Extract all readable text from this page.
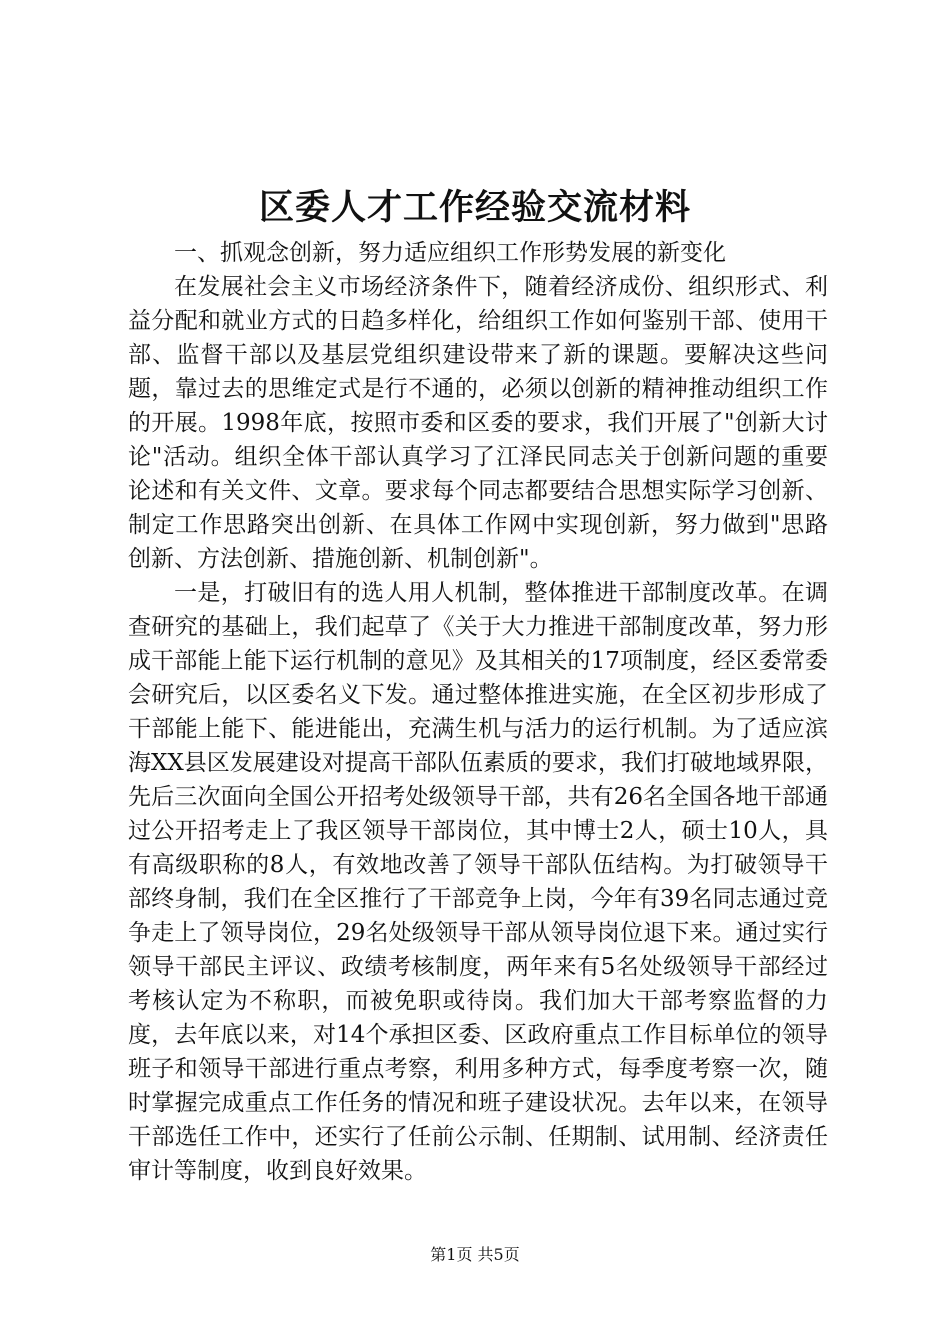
区委人才工作经验交流材料

一、抓观念创新，努力适应组织工作形势发展的新变化

在发展社会主义市场经济条件下，随着经济成份、组织形式、利益分配和就业方式的日趋多样化，给组织工作如何鉴别干部、使用干部、监督干部以及基层党组织建设带来了新的课题。要解决这些问题，靠过去的思维定式是行不通的，必须以创新的精神推动组织工作的开展。1998年底，按照市委和区委的要求，我们开展了"创新大讨论"活动。组织全体干部认真学习了江泽民同志关于创新问题的重要论述和有关文件、文章。要求每个同志都要结合思想实际学习创新、制定工作思路突出创新、在具体工作网中实现创新，努力做到"思路创新、方法创新、措施创新、机制创新"。

一是，打破旧有的选人用人机制，整体推进干部制度改革。在调查研究的基础上，我们起草了《关于大力推进干部制度改革，努力形成干部能上能下运行机制的意见》及其相关的17项制度，经区委常委会研究后，以区委名义下发。通过整体推进实施，在全区初步形成了干部能上能下、能进能出，充满生机与活力的运行机制。为了适应滨海XX县区发展建设对提高干部队伍素质的要求，我们打破地域界限，先后三次面向全国公开招考处级领导干部，共有26名全国各地干部通过公开招考走上了我区领导干部岗位，其中博士2人，硕士10人，具有高级职称的8人，有效地改善了领导干部队伍结构。为打破领导干部终身制，我们在全区推行了干部竞争上岗，今年有39名同志通过竞争走上了领导岗位，29名处级领导干部从领导岗位退下来。通过实行领导干部民主评议、政绩考核制度，两年来有5名处级领导干部经过考核认定为不称职，而被免职或待岗。我们加大干部考察监督的力度，去年底以来，对14个承担区委、区政府重点工作目标单位的领导班子和领导干部进行重点考察，利用多种方式，每季度考察一次，随时掌握完成重点工作任务的情况和班子建设状况。去年以来，在领导干部选任工作中，还实行了任前公示制、任期制、试用制、经济责任审计等制度，收到良好效果。

第1页 共5页
